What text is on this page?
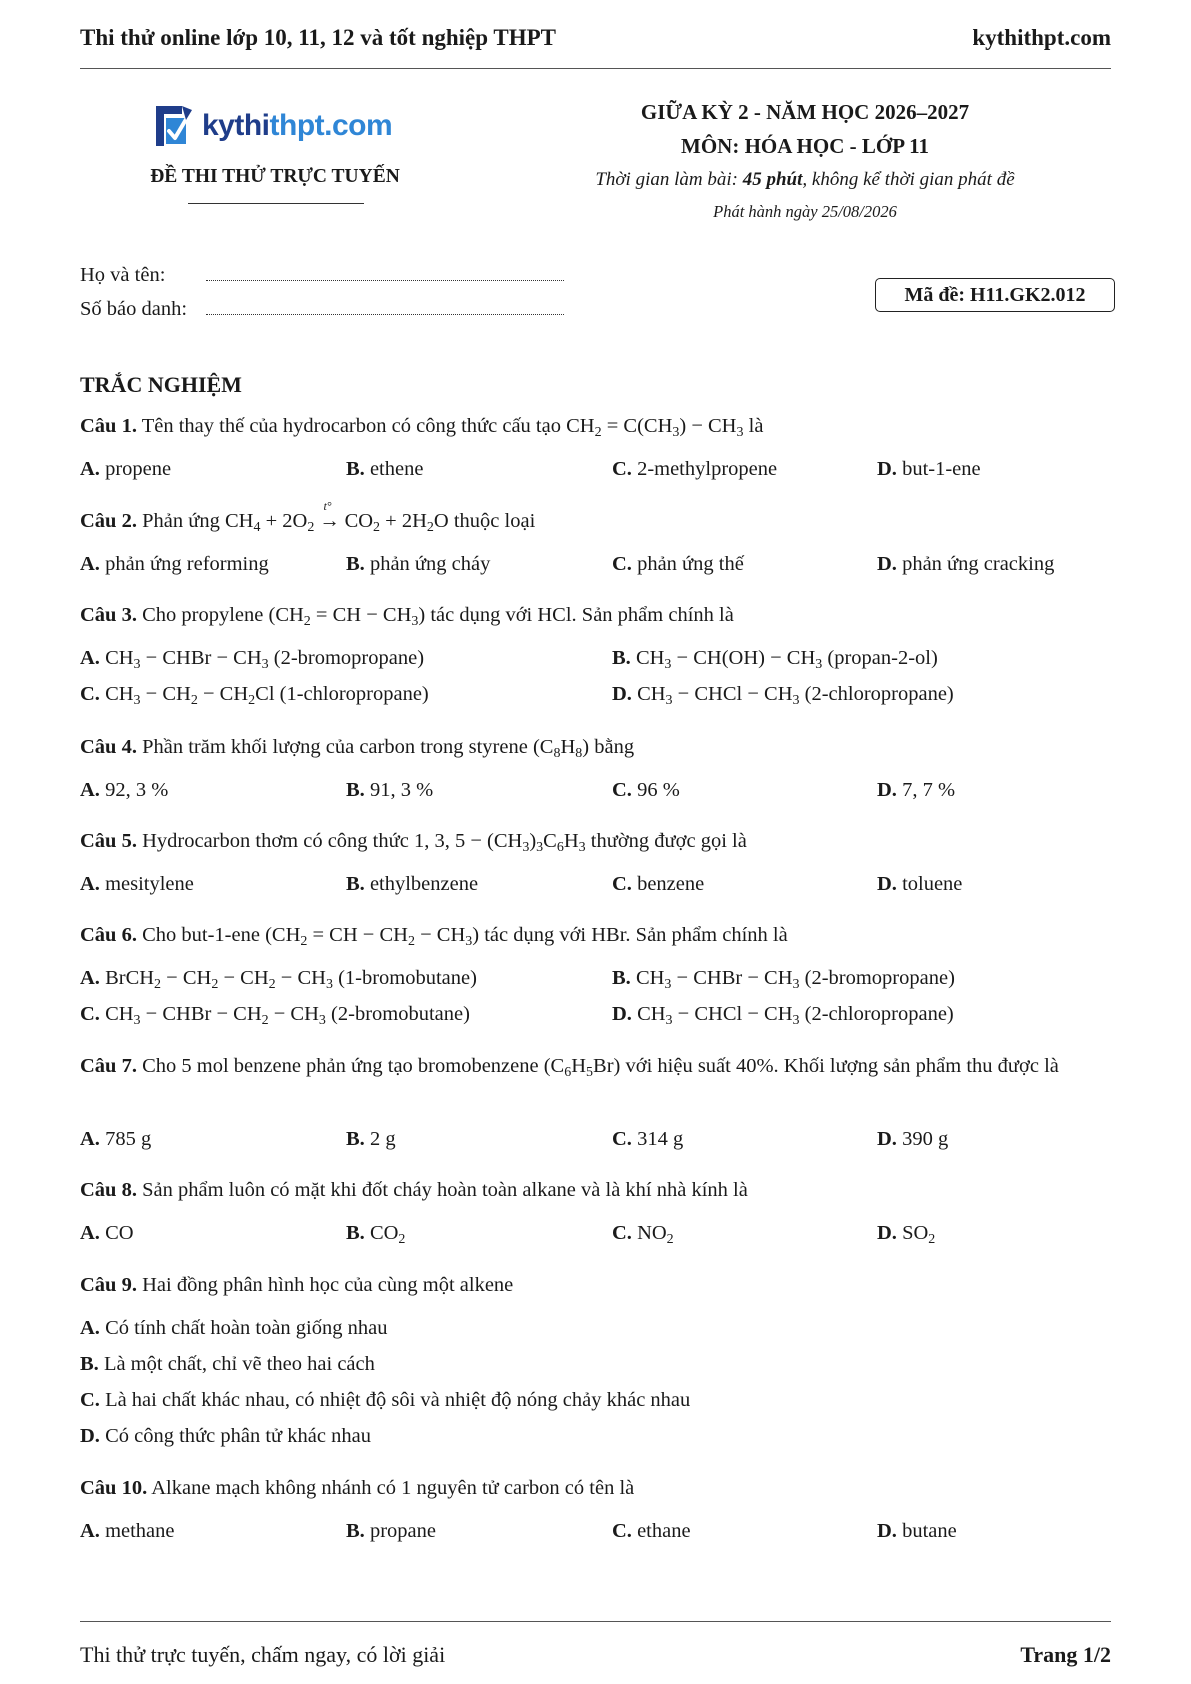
Thi thử online lớp 10, 11, 12 và tốt nghiệp THPT	kythithpt.com
kythithpt.com
ĐỀ THI THỬ TRỰC TUYẾN
GIỮA KỲ 2 - NĂM HỌC 2026–2027
MÔN: HÓA HỌC - LỚP 11
Thời gian làm bài: 45 phút, không kể thời gian phát đề
Phát hành ngày 25/08/2026
Họ và tên:
Số báo danh:
Mã đề: H11.GK2.012
TRẮC NGHIỆM
Câu 1. Tên thay thế của hydrocarbon có công thức cấu tạo $CH_2 = C(CH_3) - CH_3$ là
A. propene	B. ethene	C. 2-methylpropene	D. but-1-ene
Câu 2. Phản ứng $CH_4 + 2O_2$
t°
→ $CO_2 + 2H_2O$ thuộc loại
A. phản ứng reforming	B. phản ứng cháy	C. phản ứng thế	D. phản ứng cracking
Câu 3. Cho propylene ($CH_2$ = CH − $CH_3$) tác dụng với HCl. Sản phẩm chính là
A. $CH_3$ − CHBr − $CH_3$ (2-bromopropane)	B. $CH_3 - CH(OH) - CH_3$ (propan-2-ol)
C. $CH_3 - CH_2 - CH_2Cl$ (1-chloropropane)	D. $CH_3$ − CHCl − $CH_3$ (2-chloropropane)
Câu 4. Phần trăm khối lượng của carbon trong styrene $(C_8H_8)$ bằng
A. 92, 3 %	B. 91, 3 %	C. 96 %	D. 7, 7 %
Câu 5. Hydrocarbon thơm có công thức 1, 3, $5 - (CH_3)_3C_6H_3$ thường được gọi là
A. mesitylene	B. ethylbenzene	C. benzene	D. toluene
Câu 6. Cho but-1-ene ($CH_2$ = CH − $CH_2 - CH_3$) tác dụng với HBr. Sản phẩm chính là
A. BrCH$_2$ − $CH_2 - CH_2 - CH_3$ (1-bromobutane)	B. $CH_3$ − CHBr − $CH_3$ (2-bromopropane)
C. $CH_3$ − CHBr − $CH_2 - CH_3$ (2-bromobutane)	D. $CH_3$ − CHCl − $CH_3$ (2-chloropropane)
Câu 7. Cho 5 mol benzene phản ứng tạo bromobenzene $(C_6H_5Br)$ với hiệu suất 40%. Khối lượng sản phẩm thu được là
A. 785 g	B. 2 g	C. 314 g	D. 390 g
Câu 8. Sản phẩm luôn có mặt khi đốt cháy hoàn toàn alkane và là khí nhà kính là
A. CO	B. $CO_2$	C. $NO_2$	D. $SO_2$
Câu 9. Hai đồng phân hình học của cùng một alkene
A. Có tính chất hoàn toàn giống nhau
B. Là một chất, chỉ vẽ theo hai cách
C. Là hai chất khác nhau, có nhiệt độ sôi và nhiệt độ nóng chảy khác nhau
D. Có công thức phân tử khác nhau
Câu 10. Alkane mạch không nhánh có 1 nguyên tử carbon có tên là
A. methane	B. propane	C. ethane	D. butane
Thi thử trực tuyến, chấm ngay, có lời giải	Trang 1/2
